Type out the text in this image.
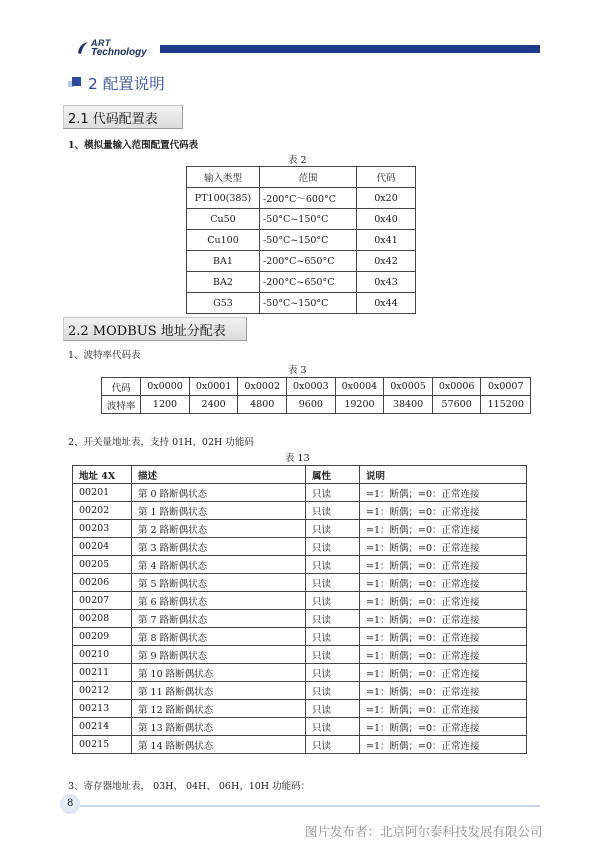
ART
Technology
2 配置说明
2.1 代码配置表
1、模拟量输入范围配置代码表
表 2
输入类型	范围	代码
PT100(385)	-200°C～600°C	0x20
Cu50	-50°C~150°C	0x40
Cu100	-50°C~150°C	0x41
BA1	-200°C~650°C	0x42
BA2	-200°C~650°C	0x43
G53	-50°C~150°C	0x44
2.2 MODBUS 地址分配表
1、波特率代码表
表 3
代码	0x0000	0x0001	0x0002	0x0003	0x0004	0x0005	0x0006	0x0007
波特率	1200	2400	4800	9600	19200	38400	57600	115200
2、开关量地址表，支持 01H、02H 功能码
表 13
地址 4X	描述	属性	说明
00201	第 0 路断偶状态	只读	=1：断偶；=0：正常连接
00202	第 1 路断偶状态	只读	=1：断偶；=0：正常连接
00203	第 2 路断偶状态	只读	=1：断偶；=0：正常连接
00204	第 3 路断偶状态	只读	=1：断偶；=0：正常连接
00205	第 4 路断偶状态	只读	=1：断偶；=0：正常连接
00206	第 5 路断偶状态	只读	=1：断偶；=0：正常连接
00207	第 6 路断偶状态	只读	=1：断偶；=0：正常连接
00208	第 7 路断偶状态	只读	=1：断偶；=0：正常连接
00209	第 8 路断偶状态	只读	=1：断偶；=0：正常连接
00210	第 9 路断偶状态	只读	=1：断偶；=0：正常连接
00211	第 10 路断偶状态	只读	=1：断偶；=0：正常连接
00212	第 11 路断偶状态	只读	=1：断偶；=0：正常连接
00213	第 12 路断偶状态	只读	=1：断偶；=0：正常连接
00214	第 13 路断偶状态	只读	=1：断偶；=0：正常连接
00215	第 14 路断偶状态	只读	=1：断偶；=0：正常连接
3、寄存器地址表， 03H、 04H、 06H、10H 功能码：
8
图片发布者：北京阿尔泰科技发展有限公司
